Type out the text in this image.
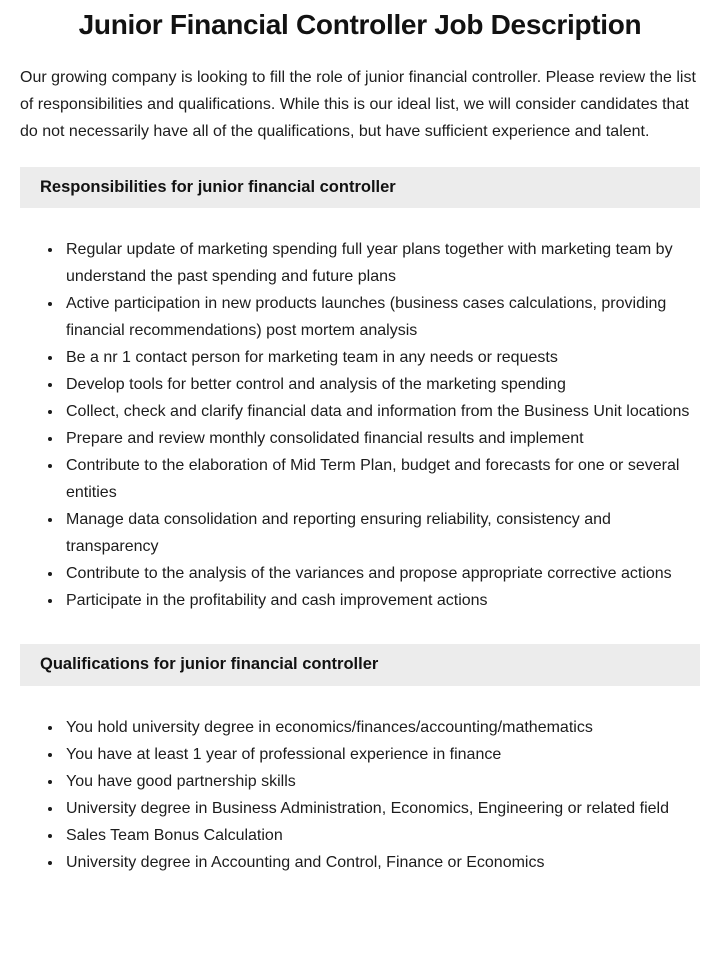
Junior Financial Controller Job Description

Our growing company is looking to fill the role of junior financial controller. Please review the list of responsibilities and qualifications. While this is our ideal list, we will consider candidates that do not necessarily have all of the qualifications, but have sufficient experience and talent.

Responsibilities for junior financial controller
• Regular update of marketing spending full year plans together with marketing team by understand the past spending and future plans
• Active participation in new products launches (business cases calculations, providing financial recommendations) post mortem analysis
• Be a nr 1 contact person for marketing team in any needs or requests
• Develop tools for better control and analysis of the marketing spending
• Collect, check and clarify financial data and information from the Business Unit locations
• Prepare and review monthly consolidated financial results and implement
• Contribute to the elaboration of Mid Term Plan, budget and forecasts for one or several entities
• Manage data consolidation and reporting ensuring reliability, consistency and transparency
• Contribute to the analysis of the variances and propose appropriate corrective actions
• Participate in the profitability and cash improvement actions
Qualifications for junior financial controller
• You hold university degree in economics/finances/accounting/mathematics
• You have at least 1 year of professional experience in finance
• You have good partnership skills
• University degree in Business Administration, Economics, Engineering or related field
• Sales Team Bonus Calculation
• University degree in Accounting and Control, Finance or Economics
